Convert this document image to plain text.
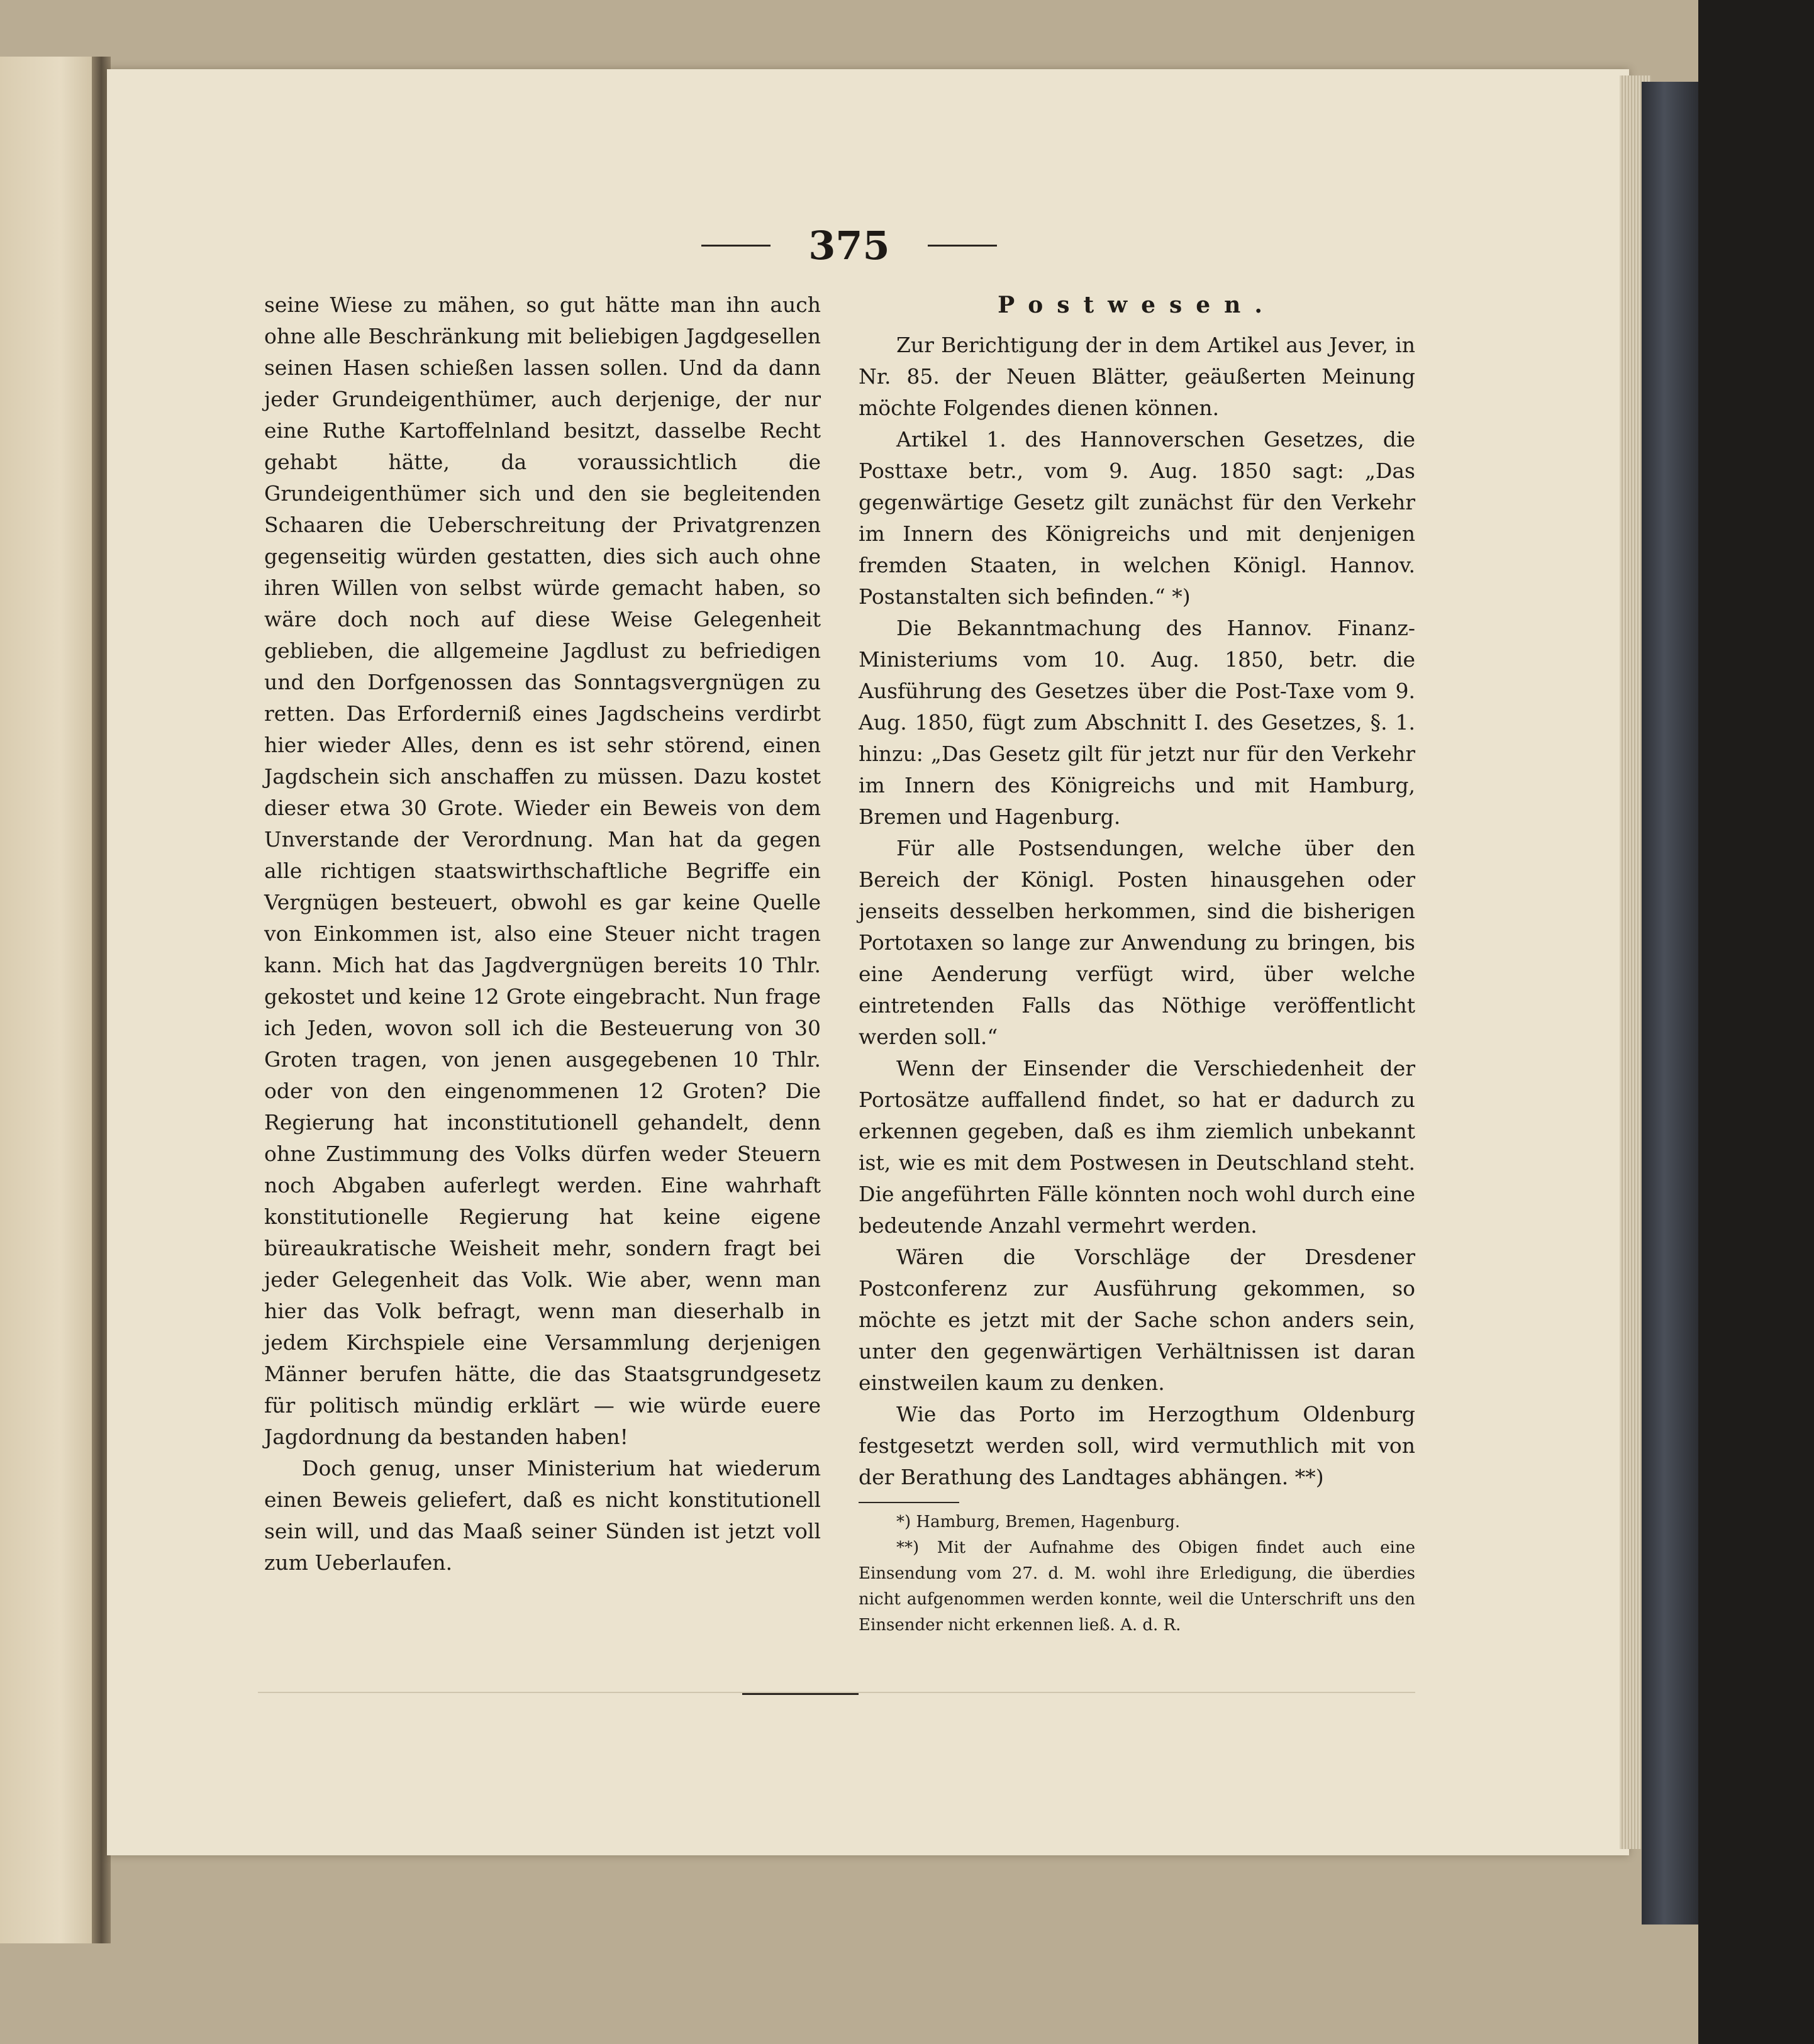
375

seine Wiese zu mähen, so gut hätte man ihn auch ohne alle Beschränkung mit beliebigen Jagdgesellen seinen Hasen schießen lassen sollen. Und da dann jeder Grundeigenthümer, auch derjenige, der nur eine Ruthe Kartoffelnland besitzt, dasselbe Recht gehabt hätte, da voraussichtlich die Grundeigenthümer sich und den sie begleitenden Schaaren die Ueberschreitung der Privatgrenzen gegenseitig würden gestatten, dies sich auch ohne ihren Willen von selbst würde gemacht haben, so wäre doch noch auf diese Weise Gelegenheit geblieben, die allgemeine Jagdlust zu befriedigen und den Dorfgenossen das Sonntagsvergnügen zu retten. Das Erforderniß eines Jagdscheins verdirbt hier wieder Alles, denn es ist sehr störend, einen Jagdschein sich anschaffen zu müssen. Dazu kostet dieser etwa 30 Grote. Wieder ein Beweis von dem Unverstande der Verordnung. Man hat da gegen alle richtigen staatswirthschaftliche Begriffe ein Vergnügen besteuert, obwohl es gar keine Quelle von Einkommen ist, also eine Steuer nicht tragen kann. Mich hat das Jagdvergnügen bereits 10 Thlr. gekostet und keine 12 Grote eingebracht. Nun frage ich Jeden, wovon soll ich die Besteuerung von 30 Groten tragen, von jenen ausgegebenen 10 Thlr. oder von den eingenommenen 12 Groten? Die Regierung hat inconstitutionell gehandelt, denn ohne Zustimmung des Volks dürfen weder Steuern noch Abgaben auferlegt werden. Eine wahrhaft konstitutionelle Regierung hat keine eigene büreaukratische Weisheit mehr, sondern fragt bei jeder Gelegenheit das Volk. Wie aber, wenn man hier das Volk befragt, wenn man dieserhalb in jedem Kirchspiele eine Versammlung derjenigen Männer berufen hätte, die das Staatsgrundgesetz für politisch mündig erklärt — wie würde euere Jagdordnung da bestanden haben!

Doch genug, unser Ministerium hat wiederum einen Beweis geliefert, daß es nicht konstitutionell sein will, und das Maaß seiner Sünden ist jetzt voll zum Ueberlaufen.

Postwesen.

Zur Berichtigung der in dem Artikel aus Jever, in Nr. 85. der Neuen Blätter, geäußerten Meinung möchte Folgendes dienen können.

Artikel 1. des Hannoverschen Gesetzes, die Posttaxe betr., vom 9. Aug. 1850 sagt: „Das gegenwärtige Gesetz gilt zunächst für den Verkehr im Innern des Königreichs und mit denjenigen fremden Staaten, in welchen Königl. Hannov. Postanstalten sich befinden.“ *)

Die Bekanntmachung des Hannov. Finanz-Ministeriums vom 10. Aug. 1850, betr. die Ausführung des Gesetzes über die Post-Taxe vom 9. Aug. 1850, fügt zum Abschnitt I. des Gesetzes, §. 1. hinzu: „Das Gesetz gilt für jetzt nur für den Verkehr im Innern des Königreichs und mit Hamburg, Bremen und Hagenburg.

Für alle Postsendungen, welche über den Bereich der Königl. Posten hinausgehen oder jenseits desselben herkommen, sind die bisherigen Portotaxen so lange zur Anwendung zu bringen, bis eine Aenderung verfügt wird, über welche eintretenden Falls das Nöthige veröffentlicht werden soll.“

Wenn der Einsender die Verschiedenheit der Portosätze auffallend findet, so hat er dadurch zu erkennen gegeben, daß es ihm ziemlich unbekannt ist, wie es mit dem Postwesen in Deutschland steht. Die angeführten Fälle könnten noch wohl durch eine bedeutende Anzahl vermehrt werden.

Wären die Vorschläge der Dresdener Postconferenz zur Ausführung gekommen, so möchte es jetzt mit der Sache schon anders sein, unter den gegenwärtigen Verhältnissen ist daran einstweilen kaum zu denken.

Wie das Porto im Herzogthum Oldenburg festgesetzt werden soll, wird vermuthlich mit von der Berathung des Landtages abhängen. **)

*) Hamburg, Bremen, Hagenburg.

**) Mit der Aufnahme des Obigen findet auch eine Einsendung vom 27. d. M. wohl ihre Erledigung, die überdies nicht aufgenommen werden konnte, weil die Unterschrift uns den Einsender nicht erkennen ließ. A. d. R.
